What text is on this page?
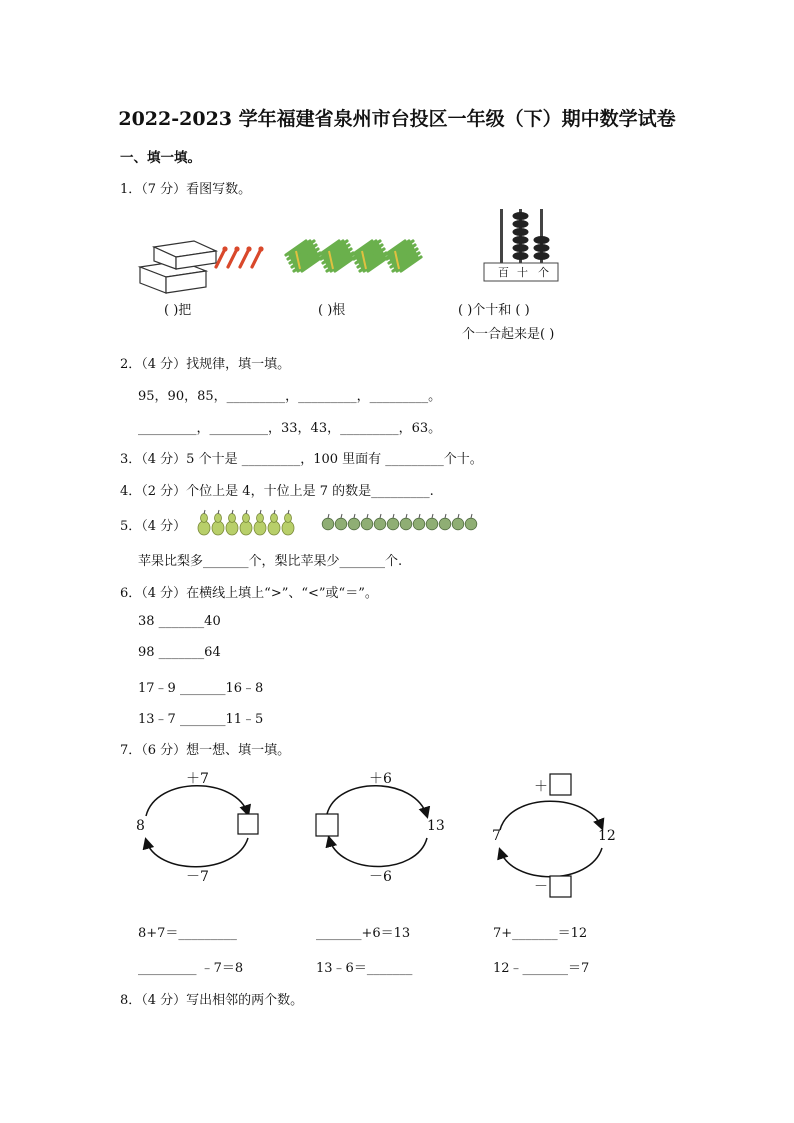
2022-2023 学年福建省泉州市台投区一年级（下）期中数学试卷
一、填一填。
1．（7 分）看图写数。
百 十 个
( )把	( )根	( )个十和 ( )
个一合起来是( )
2．（4 分）找规律，填一填。
95，90，85，_________，_________，_________。
_________，_________，33，43，_________，63。
3．（4 分）5 个十是 _________，100 里面有 _________个十。
4．（2 分）个位上是 4，十位上是 7 的数是_________.
5．（4 分）
苹果比梨多_______个，梨比苹果少_______个.
6．（4 分）在横线上填上“>”、“<”或“＝”。
38 _______40
98 _______64
17﹣9 _______16﹣8
13﹣7 _______11﹣5
7．（6 分）想一想、填一填。
＋7
－7
8
＋6
－6
13
＋
－
7	12
8+7＝_________	_______+6＝13	7+_______＝12
_________ ﹣7＝8	13﹣6＝_______	12﹣_______＝7
8．（4 分）写出相邻的两个数。
